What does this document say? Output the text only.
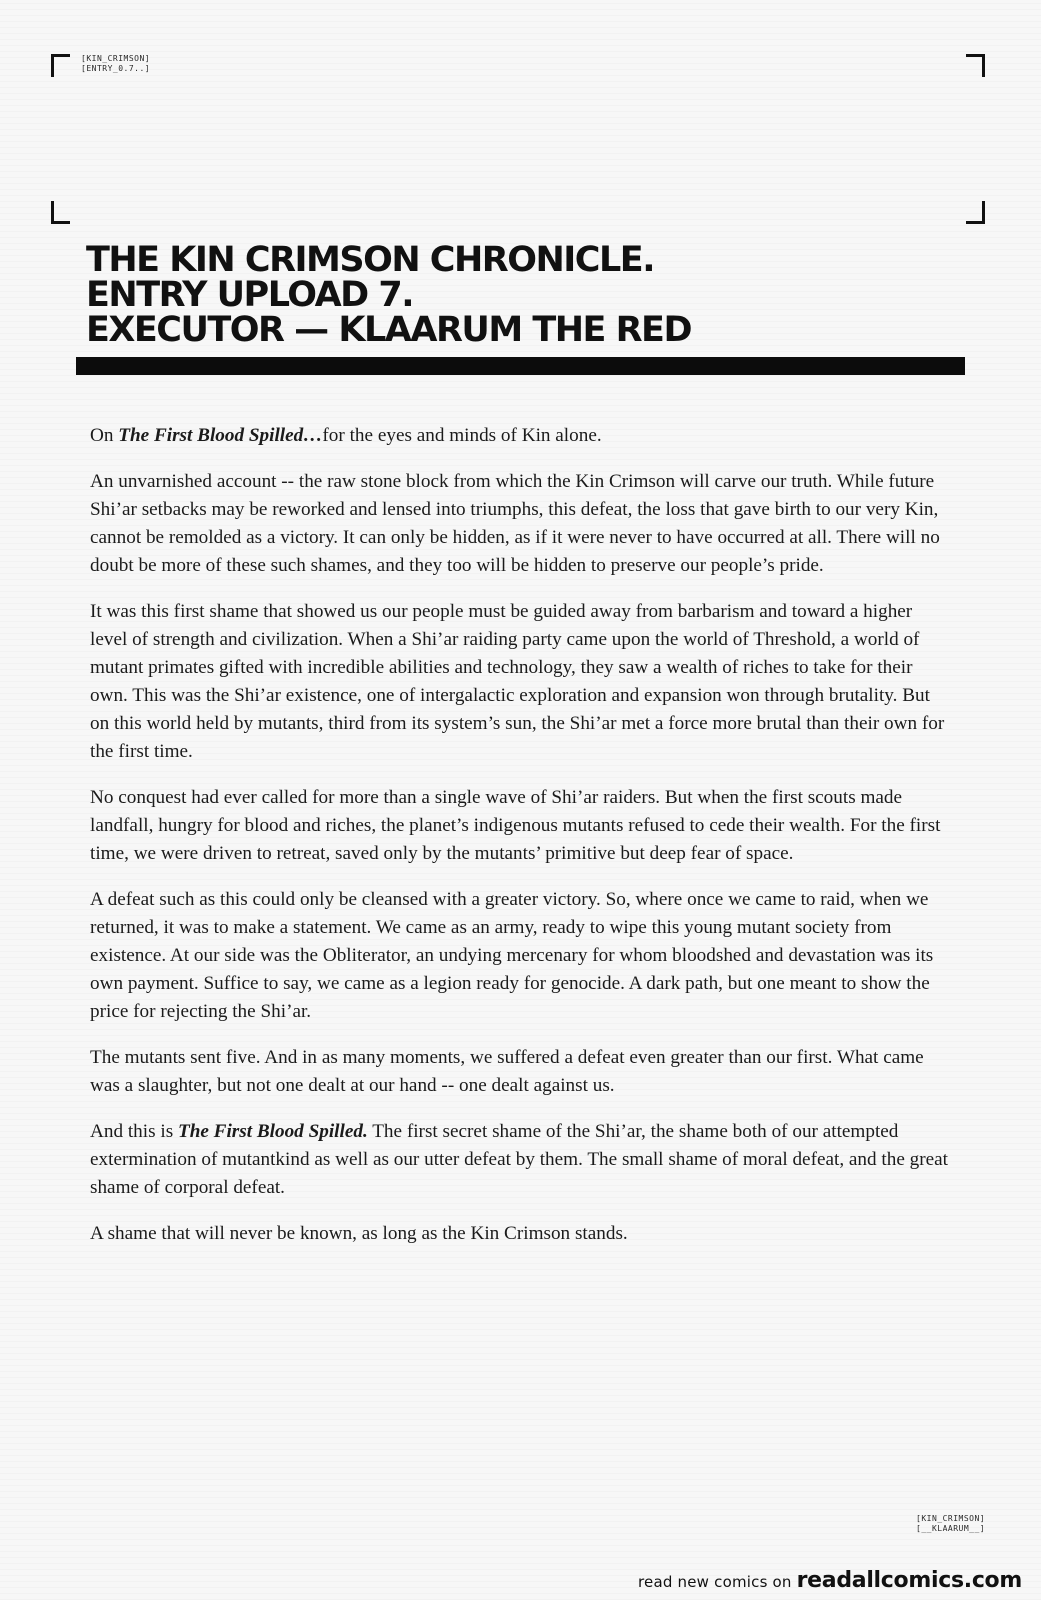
[KIN_CRIMSON]
[ENTRY_0.7..]
THE KIN CRIMSON CHRONICLE.
ENTRY UPLOAD 7.
EXECUTOR — KLAARUM THE RED

On The First Blood Spilled…for the eyes and minds of Kin alone.

An unvarnished account -- the raw stone block from which the Kin Crimson will carve our truth. While future Shi’ar setbacks may be reworked and lensed into triumphs, this defeat, the loss that gave birth to our very Kin, cannot be remolded as a victory. It can only be hidden, as if it were never to have occurred at all. There will no doubt be more of these such shames, and they too will be hidden to preserve our people’s pride.

It was this first shame that showed us our people must be guided away from barbarism and toward a higher level of strength and civilization. When a Shi’ar raiding party came upon the world of Threshold, a world of mutant primates gifted with incredible abilities and technology, they saw a wealth of riches to take for their own. This was the Shi’ar existence, one of intergalactic exploration and expansion won through brutality. But on this world held by mutants, third from its system’s sun, the Shi’ar met a force more brutal than their own for the first time.

No conquest had ever called for more than a single wave of Shi’ar raiders. But when the first scouts made landfall, hungry for blood and riches, the planet’s indigenous mutants refused to cede their wealth. For the first time, we were driven to retreat, saved only by the mutants’ primitive but deep fear of space.

A defeat such as this could only be cleansed with a greater victory. So, where once we came to raid, when we returned, it was to make a statement. We came as an army, ready to wipe this young mutant society from existence. At our side was the Obliterator, an undying mercenary for whom bloodshed and devastation was its own payment. Suffice to say, we came as a legion ready for genocide. A dark path, but one meant to show the price for rejecting the Shi’ar.

The mutants sent five. And in as many moments, we suffered a defeat even greater than our first. What came was a slaughter, but not one dealt at our hand -- one dealt against us.

And this is The First Blood Spilled. The first secret shame of the Shi’ar, the shame both of our attempted extermination of mutantkind as well as our utter defeat by them. The small shame of moral defeat, and the great shame of corporal defeat.

A shame that will never be known, as long as the Kin Crimson stands.

[KIN_CRIMSON]
[__KLAARUM__]
read new comics on readallcomics.com
